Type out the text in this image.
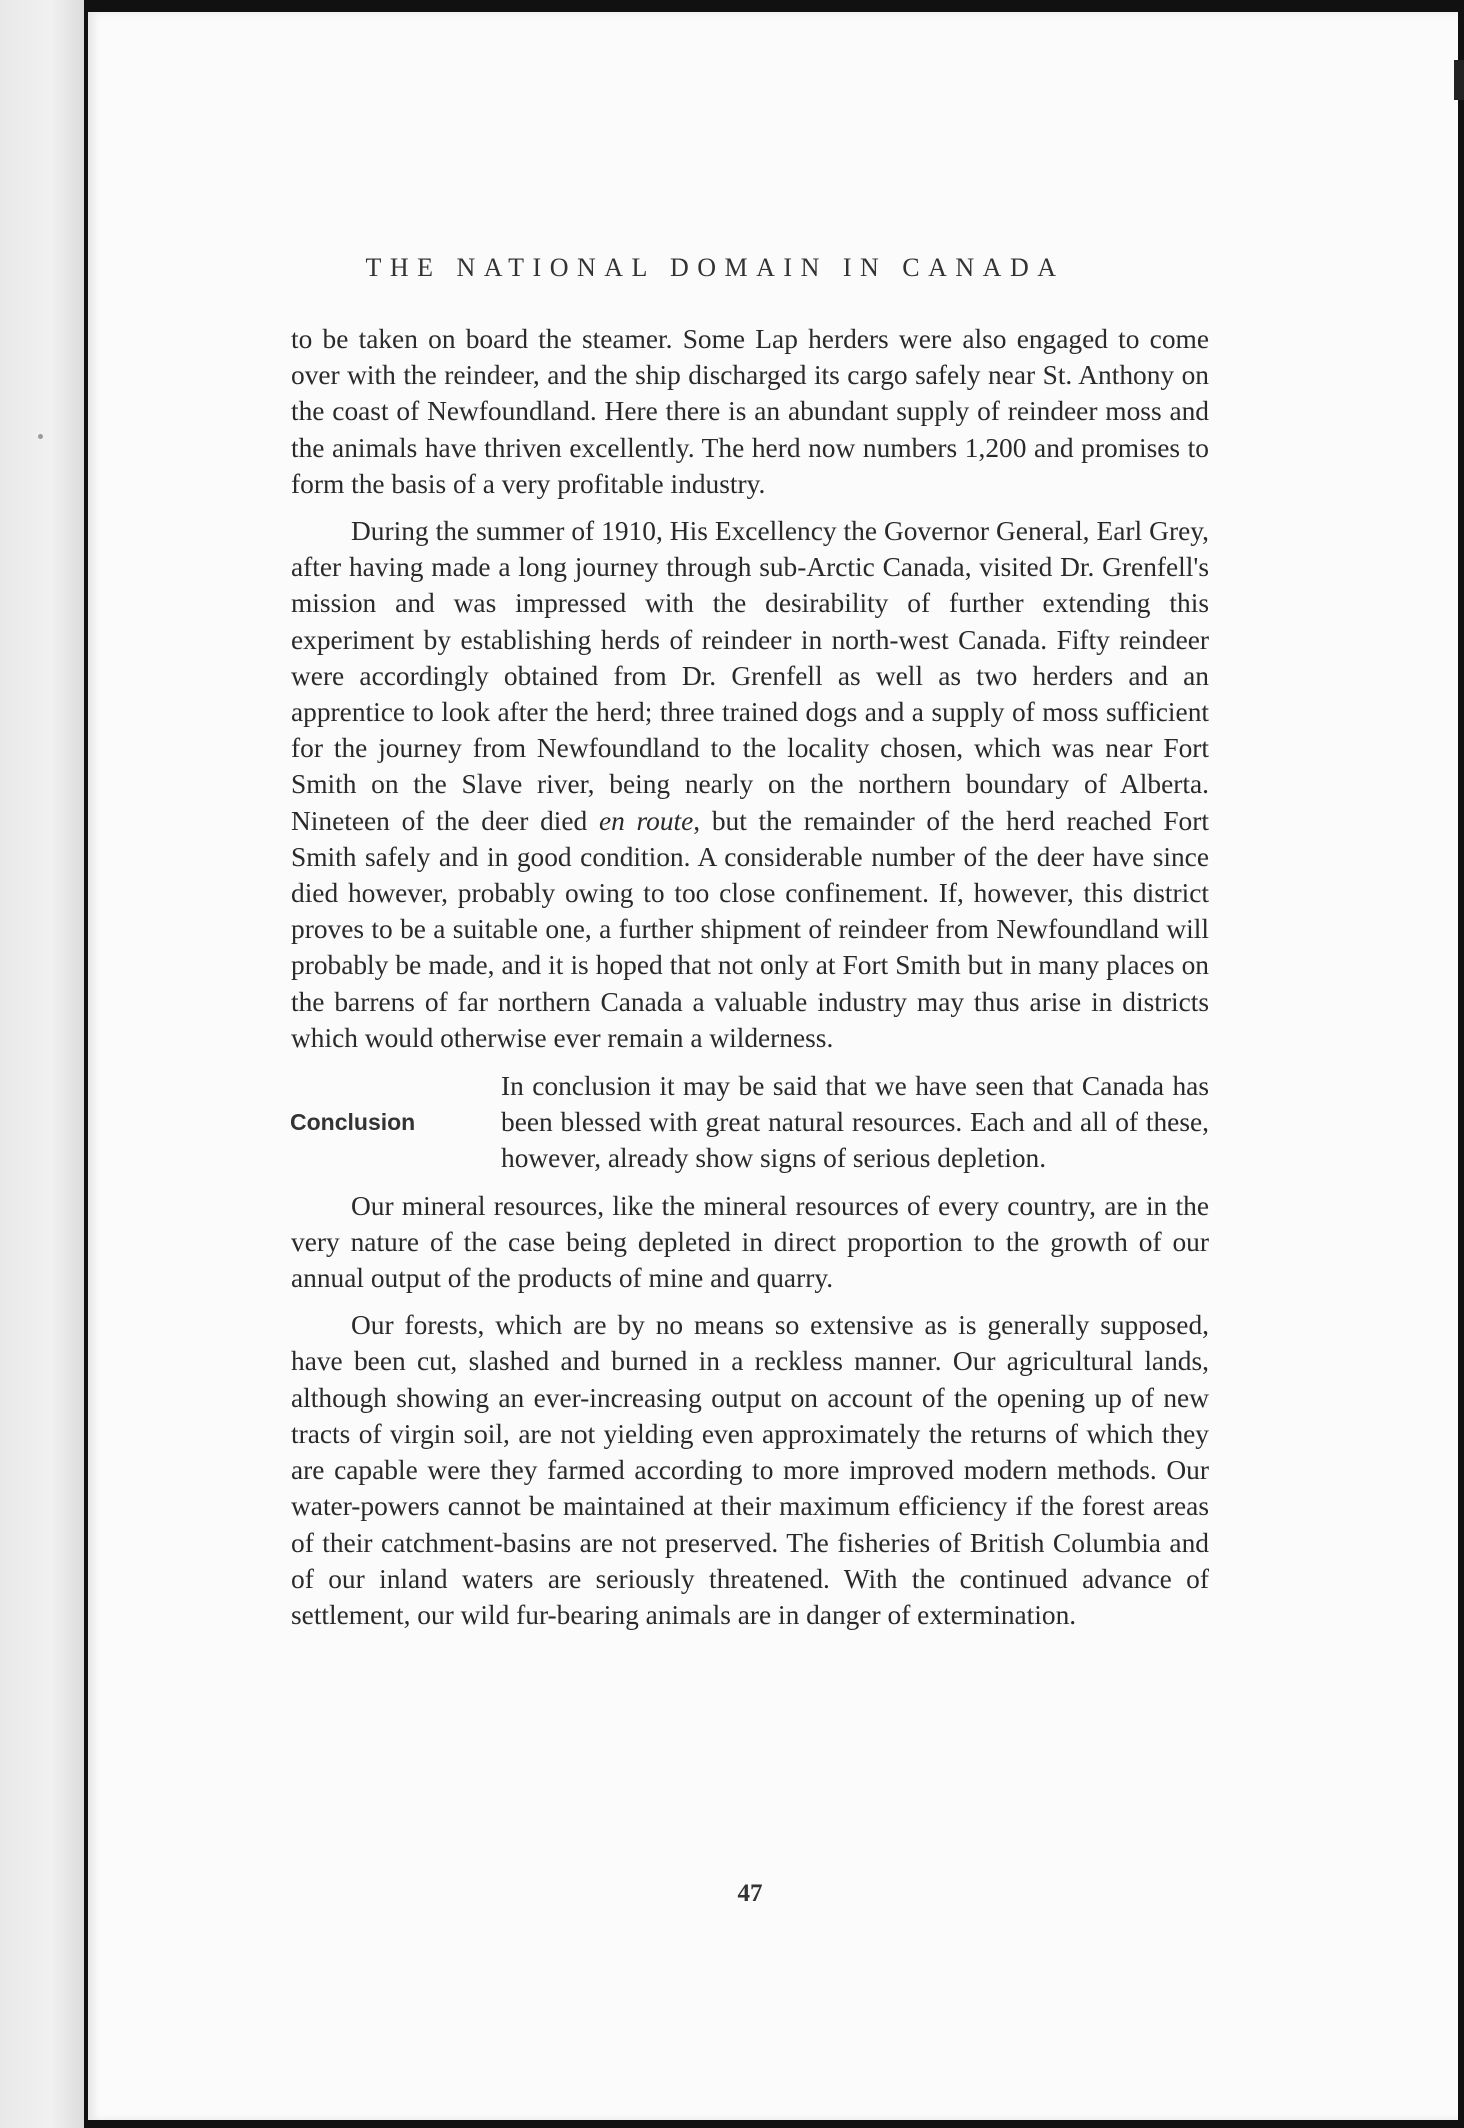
THE NATIONAL DOMAIN IN CANADA

to be taken on board the steamer. Some Lap herders were also engaged to come over with the reindeer, and the ship discharged its cargo safely near St. Anthony on the coast of Newfoundland. Here there is an abundant supply of reindeer moss and the animals have thriven excellently. The herd now numbers 1,200 and promises to form the basis of a very profitable industry.

During the summer of 1910, His Excellency the Governor General, Earl Grey, after having made a long journey through sub-Arctic Canada, visited Dr. Grenfell's mission and was impressed with the desirability of further extending this experiment by establishing herds of reindeer in north-west Canada. Fifty reindeer were accordingly obtained from Dr. Grenfell as well as two herders and an apprentice to look after the herd; three trained dogs and a supply of moss sufficient for the journey from Newfoundland to the locality chosen, which was near Fort Smith on the Slave river, being nearly on the northern boundary of Alberta. Nineteen of the deer died en route, but the remainder of the herd reached Fort Smith safely and in good condition. A considerable number of the deer have since died however, probably owing to too close confinement. If, however, this district proves to be a suitable one, a further shipment of reindeer from Newfoundland will probably be made, and it is hoped that not only at Fort Smith but in many places on the barrens of far northern Canada a valuable industry may thus arise in districts which would otherwise ever remain a wilderness.

Conclusion

In conclusion it may be said that we have seen that Canada has been blessed with great natural resources. Each and all of these, however, already show signs of serious depletion.

Our mineral resources, like the mineral resources of every country, are in the very nature of the case being depleted in direct proportion to the growth of our annual output of the products of mine and quarry.

Our forests, which are by no means so extensive as is generally supposed, have been cut, slashed and burned in a reckless manner. Our agricultural lands, although showing an ever-increasing output on account of the opening up of new tracts of virgin soil, are not yielding even approximately the returns of which they are capable were they farmed according to more improved modern methods. Our water-powers cannot be maintained at their maximum efficiency if the forest areas of their catchment-basins are not preserved. The fisheries of British Columbia and of our inland waters are seriously threatened. With the continued advance of settlement, our wild fur-bearing animals are in danger of extermination.

47
